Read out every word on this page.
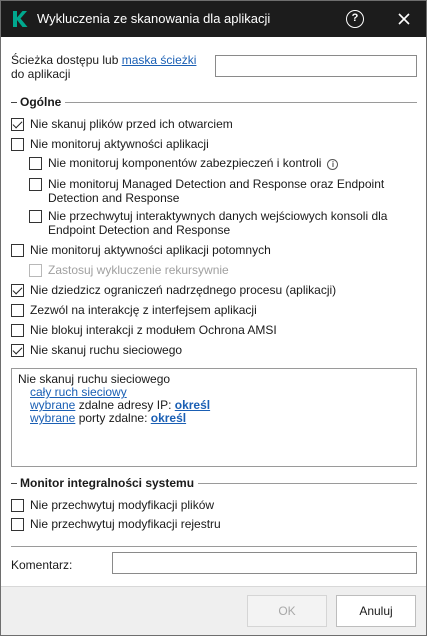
Wykluczenia ze skanowania dla aplikacji	?
Ścieżka dostępu lub maska ścieżki do aplikacji
Ogólne
Nie skanuj plików przed ich otwarciem
Nie monitoruj aktywności aplikacji
Nie monitoruj komponentów zabezpieczeń i kontroli i
Nie monitoruj Managed Detection and Response oraz Endpoint Detection and Response
Nie przechwytuj interaktywnych danych wejściowych konsoli dla Endpoint Detection and Response
Nie monitoruj aktywności aplikacji potomnych
Zastosuj wykluczenie rekursywnie
Nie dziedzicz ograniczeń nadrzędnego procesu (aplikacji)
Zezwól na interakcję z interfejsem aplikacji
Nie blokuj interakcji z modułem Ochrona AMSI
Nie skanuj ruchu sieciowego
Nie skanuj ruchu sieciowego
cały ruch sieciowy
wybrane zdalne adresy IP: określ
wybrane porty zdalne: określ
Monitor integralności systemu
Nie przechwytuj modyfikacji plików
Nie przechwytuj modyfikacji rejestru
Komentarz:
OK	Anuluj
